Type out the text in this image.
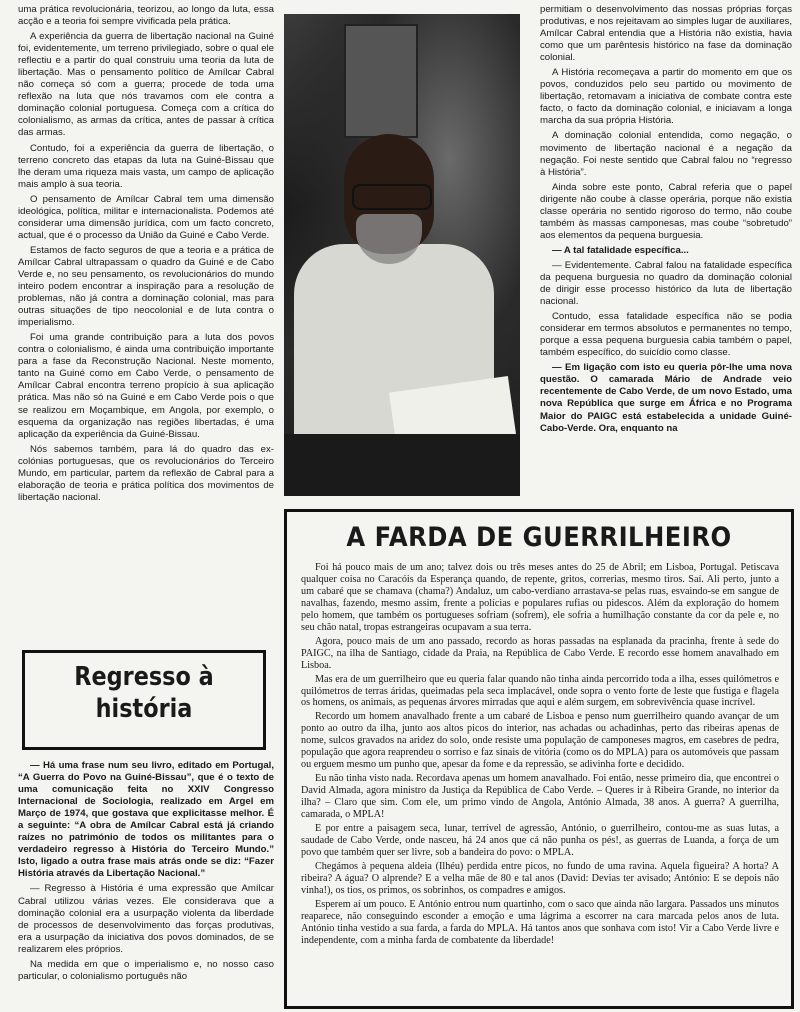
uma prática revolucionária, teorizou, ao longo da luta, essa acção e a teoria foi sempre vivificada pela prática.

A experiência da guerra de libertação nacional na Guiné foi, evidentemente, um terreno privilegiado, sobre o qual ele reflectiu e a partir do qual construiu uma teoria da luta de libertação. Mas o pensamento político de Amílcar Cabral não começa só com a guerra; procede de toda uma reflexão na luta que nós travamos com ele contra a dominação colonial portuguesa. Começa com a crítica do colonialismo, as armas da crítica, antes de passar à crítica das armas.

Contudo, foi a experiência da guerra de libertação, o terreno concreto das etapas da luta na Guiné-Bissau que lhe deram uma riqueza mais vasta, um campo de aplicação mais amplo à sua teoria.

O pensamento de Amílcar Cabral tem uma dimensão ideológica, política, militar e internacionalista. Podemos até considerar uma dimensão jurídica, com um facto concreto, actual, que é o processo da União da Guiné e Cabo Verde.

Estamos de facto seguros de que a teoria e a prática de Amílcar Cabral ultrapassam o quadro da Guiné e de Cabo Verde e, no seu pensamento, os revolucionários do mundo inteiro podem encontrar a inspiração para a resolução de problemas, não já contra a dominação colonial, mas para outras situações de tipo neocolonial e de luta contra o imperialismo.

Foi uma grande contribuição para a luta dos povos contra o colonialismo, é ainda uma contribuição importante para a fase da Reconstrução Nacional. Neste momento, tanto na Guiné como em Cabo Verde, o pensamento de Amílcar Cabral encontra terreno propício à sua aplicação prática. Mas não só na Guiné e em Cabo Verde pois o que se realizou em Moçambique, em Angola, por exemplo, o esquema da organização nas regiões libertadas, é uma aplicação da experiência da Guiné-Bissau.

Nós sabemos também, para lá do quadro das ex-colónias portuguesas, que os revolucionários do Terceiro Mundo, em particular, partem da reflexão de Cabral para a elaboração de teoria e prática política dos movimentos de libertação nacional.

Regresso à história

— Há uma frase num seu livro, editado em Portugal, “A Guerra do Povo na Guiné-Bissau”, que é o texto de uma comunicação feita no XXIV Congresso Internacional de Sociologia, realizado em Argel em Março de 1974, que gostava que explicitasse melhor. É a seguinte: “A obra de Amílcar Cabral está já criando raízes no património de todos os militantes para o verdadeiro regresso à História do Terceiro Mundo.” Isto, ligado a outra frase mais atrás onde se diz: “Fazer História através da Libertação Nacional.”

— Regresso à História é uma expressão que Amílcar Cabral utilizou várias vezes. Ele considerava que a dominação colonial era a usurpação violenta da liberdade de processos de desenvolvimento das forças produtivas, era a usurpação da iniciativa dos povos dominados, de se realizarem eles próprios.

Na medida em que o imperialismo e, no nosso caso particular, o colonialismo português não

permitiam o desenvolvimento das nossas próprias forças produtivas, e nos rejeitavam ao simples lugar de auxiliares, Amílcar Cabral entendia que a História não existia, havia como que um parêntesis histórico na fase da dominação colonial.

A História recomeçava a partir do momento em que os povos, conduzidos pelo seu partido ou movimento de libertação, retomavam a iniciativa de combate contra este facto, o facto da dominação colonial, e iniciavam a longa marcha da sua própria História.

A dominação colonial entendida, como negação, o movimento de libertação nacional é a negação da negação. Foi neste sentido que Cabral falou no “regresso à História”.

Ainda sobre este ponto, Cabral referia que o papel dirigente não coube à classe operária, porque não existia classe operária no sentido rigoroso do termo, não coube também às massas camponesas, mas coube “sobretudo” aos elementos da pequena burguesia.

— A tal fatalidade específica...

— Evidentemente. Cabral falou na fatalidade específica da pequena burguesia no quadro da dominação colonial de dirigir esse processo histórico da luta de libertação nacional.

Contudo, essa fatalidade específica não se podia considerar em termos absolutos e permanentes no tempo, porque a essa pequena burguesia cabia também o papel, também específico, do suicídio como classe.

— Em ligação com isto eu queria pôr-lhe uma nova questão. O camarada Mário de Andrade veio recentemente de Cabo Verde, de um novo Estado, uma nova República que surge em África e no Programa Maior do PAIGC está estabelecida a unidade Guiné-Cabo-Verde. Ora, enquanto na

A FARDA DE GUERRILHEIRO

Foi há pouco mais de um ano; talvez dois ou três meses antes do 25 de Abril; em Lisboa, Portugal. Petiscava qualquer coisa no Caracóis da Esperança quando, de repente, gritos, correrias, mesmo tiros. Saí. Ali perto, junto a um cabaré que se chamava (chama?) Andaluz, um cabo-verdiano arrastava-se pelas ruas, esvaindo-se em sangue de navalhas, fazendo, mesmo assim, frente a polícias e populares rufias ou pidescos. Além da exploração do homem pelo homem, que também os portugueses sofriam (sofrem), ele sofria a humilhação constante da cor da pele e, no seu chão natal, tropas estrangeiras ocupavam a sua terra.

Agora, pouco mais de um ano passado, recordo as horas passadas na esplanada da pracinha, frente à sede do PAIGC, na ilha de Santiago, cidade da Praia, na República de Cabo Verde. E recordo esse homem anavalhado em Lisboa.

Mas era de um guerrilheiro que eu queria falar quando não tinha ainda percorrido toda a ilha, esses quilómetros e quilómetros de terras áridas, queimadas pela seca implacável, onde sopra o vento forte de leste que fustiga e flagela os homens, os animais, as pequenas árvores mirradas que aqui e além surgem, em sobrevivência quase incrível.

Recordo um homem anavalhado frente a um cabaré de Lisboa e penso num guerrilheiro quando avançar de um ponto ao outro da ilha, junto aos altos picos do interior, nas achadas ou achadinhas, perto das ribeiras apenas de nome, sulcos gravados na aridez do solo, onde resiste uma população de camponeses magros, em casebres de pedra, população que agora reaprendeu o sorriso e faz sinais de vitória (como os do MPLA) para os automóveis que passam ou erguem mesmo um punho que, apesar da fome e da repressão, se adivinha forte e decidido.

Eu não tinha visto nada. Recordava apenas um homem anavalhado. Foi então, nesse primeiro dia, que encontrei o David Almada, agora ministro da Justiça da República de Cabo Verde. – Queres ir à Ribeira Grande, no interior da ilha? – Claro que sim. Com ele, um primo vindo de Angola, António Almada, 38 anos. A guerra? A guerrilha, camarada, o MPLA!

E por entre a paisagem seca, lunar, terrível de agressão, António, o guerrilheiro, contou-me as suas lutas, a saudade de Cabo Verde, onde nasceu, há 24 anos que cá não punha os pés!, as guerras de Luanda, a força de um povo que também quer ser livre, sob a bandeira do povo: o MPLA.

Chegámos à pequena aldeia (Ilhéu) perdida entre picos, no fundo de uma ravina. Aquela figueira? A horta? A ribeira? A água? O alprende? E a velha mãe de 80 e tal anos (David: Devias ter avisado; António: E se depois não vinha!), os tios, os primos, os sobrinhos, os compadres e amigos.

Esperem aí um pouco. E António entrou num quartinho, com o saco que ainda não largara. Passados uns minutos reaparece, não conseguindo esconder a emoção e uma lágrima a escorrer na cara marcada pelos anos de luta. António tinha vestido a sua farda, a farda do MPLA. Há tantos anos que sonhava com isto! Vir a Cabo Verde livre e independente, com a minha farda de combatente da liberdade!
